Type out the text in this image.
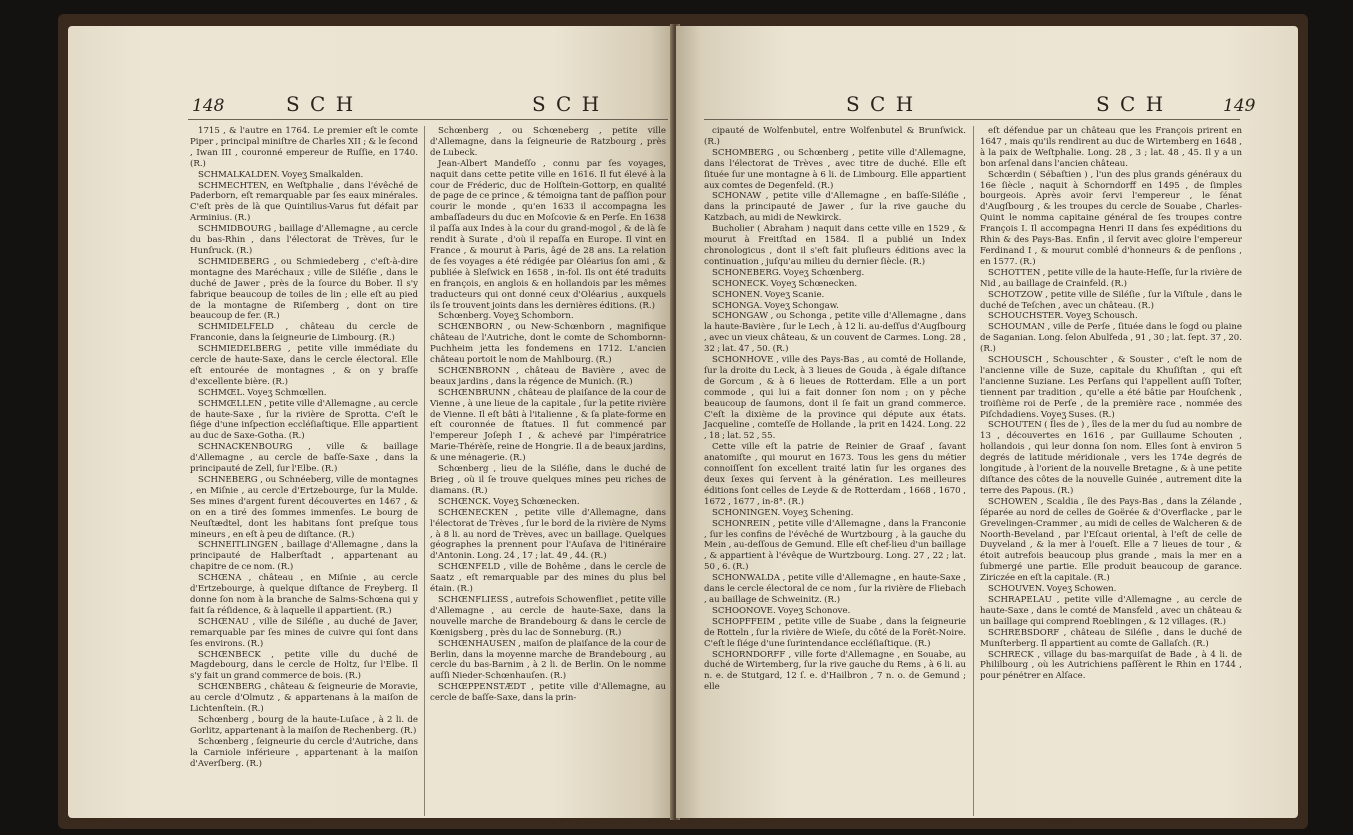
148	S C H	S C H

1715 , & l'autre en 1764. Le premier eſt le comte Piper , principal miniſtre de Charles XII ; & le ſecond , Iwan III , couronné empereur de Ruſſie, en 1740. (R.)

SCHMALKALDEN. Voyeʒ Smalkalden.

SCHMECHTEN, en Weſtphalie , dans l'évêché de Paderborn, eſt remarquable par ſes eaux minérales. C'eſt près de là que Quintilius-Varus fut défait par Arminius. (R.)

SCHMIDBOURG , baillage d'Allemagne , au cercle du bas-Rhin , dans l'électorat de Trèves, ſur le Hunſruck. (R.)

SCHMIDEBERG , ou Schmiedeberg , c'eſt-à-dire montagne des Maréchaux ; ville de Siléſie , dans le duché de Jawer , près de la ſource du Bober. Il s'y fabrique beaucoup de toiles de lin ; elle eſt au pied de la montagne de Riſemberg , dont on tire beaucoup de fer. (R.)

SCHMIDELFELD , château du cercle de Franconie, dans la ſeigneurie de Limbourg. (R.)

SCHMIEDELBERG , petite ville immédiate du cercle de haute-Saxe, dans le cercle électoral. Elle eſt entourée de montagnes , & on y braſſe d'excellente bière. (R.)

SCHMŒL. Voyeʒ Schmœllen.

SCHMŒLLEN , petite ville d'Allemagne , au cercle de haute-Saxe , ſur la rivière de Sprotta. C'eſt le ſiége d'une inſpection eccléſiaſtique. Elle appartient au duc de Saxe-Gotha. (R.)

SCHNACKENBOURG , ville & baillage d'Allemagne , au cercle de baſſe-Saxe , dans la principauté de Zell, ſur l'Elbe. (R.)

SCHNEBERG , ou Schnéeberg, ville de montagnes , en Miſnie , au cercle d'Ertzebourge, ſur la Mulde. Ses mines d'argent furent découvertes en 1467 , & on en a tiré des ſommes immenſes. Le bourg de Neuſtædtel, dont les habitans ſont preſque tous mineurs , en eſt à peu de diſtance. (R.)

SCHNEITLINGEN , baillage d'Allemagne , dans la principauté de Halberſtadt , appartenant au chapitre de ce nom. (R.)

SCHŒNA , château , en Miſnie , au cercle d'Ertzebourge, à quelque diſtance de Freyberg. Il donne ſon nom à la branche de Salms-Schœna qui y fait ſa réſidence, & à laquelle il appartient. (R.)

SCHŒNAU , ville de Siléſie , au duché de Javer, remarquable par ſes mines de cuivre qui ſont dans ſes environs. (R.)

SCHŒNBECK , petite ville du duché de Magdebourg, dans le cercle de Holtz, ſur l'Elbe. Il s'y fait un grand commerce de bois. (R.)

SCHŒNBERG , château & ſeigneurie de Moravie, au cercle d'Olmutz , & appartenans à la maiſon de Lichtenſtein. (R.)

Schœnberg , bourg de la haute-Luſace , à 2 li. de Gorlitz, appartenant à la maiſon de Rechenberg. (R.)

Schœnberg , ſeigneurie du cercle d'Autriche, dans la Carniole inférieure , appartenant à la maiſon d'Averſberg. (R.)

Schœnberg , ou Schœneberg , petite ville d'Allemagne, dans la ſeigneurie de Ratzbourg , près de Lubeck.

Jean-Albert Mandeſſo , connu par ſes voyages, naquit dans cette petite ville en 1616. Il fut élevé à la cour de Fréderic, duc de Holſtein-Gottorp, en qualité de page de ce prince , & témoigna tant de paſſion pour courir le monde , qu'en 1633 il accompagna les ambaſſadeurs du duc en Moſcovie & en Perſe. En 1638 il paſſa aux Indes à la cour du grand-mogol , & de là ſe rendit à Surate , d'où il repaſſa en Europe. Il vint en France , & mourut à Paris, âgé de 28 ans. La relation de ſes voyages a été rédigée par Oléarius ſon ami , & publiée à Sleſwick en 1658 , in-fol. Ils ont été traduits en françois, en anglois & en hollandois par les mêmes traducteurs qui ont donné ceux d'Oléarius , auxquels ils ſe trouvent joints dans les dernières éditions. (R.)

Schœnberg. Voyeʒ Schomborn.

SCHŒNBORN , ou New-Schœnborn , magnifique château de l'Autriche, dont le comte de Schombornn-Puchheim jetta les fondemens en 1712. L'ancien château portoit le nom de Mahlbourg. (R.)

SCHŒNBRONN , château de Bavière , avec de beaux jardins , dans la régence de Munich. (R.)

SCHŒNBRUNN , château de plaiſance de la cour de Vienne , à une lieue de la capitale , ſur la petite rivière de Vienne. Il eſt bâti à l'italienne , & ſa plate-forme en eſt couronnée de ſtatues. Il fut commencé par l'empereur Joſeph I , & achevé par l'impératrice Marie-Thérèſe, reine de Hongrie. Il a de beaux jardins, & une ménagerie. (R.)

Schœnberg , lieu de la Siléſie, dans le duché de Brieg , où il ſe trouve quelques mines peu riches de diamans. (R.)

SCHŒNCK. Voyeʒ Schœnecken.

SCHŒNECKEN , petite ville d'Allemagne, dans l'électorat de Trèves , ſur le bord de la rivière de Nyms , à 8 li. au nord de Trèves, avec un baillage. Quelques géographes la prennent pour l'Auſava de l'itinéraire d'Antonin. Long. 24 , 17 ; lat. 49 , 44. (R.)

SCHŒNFELD , ville de Bohême , dans le cercle de Saatz , eſt remarquable par des mines du plus bel étain. (R.)

SCHŒNFLIESS , autrefois Schowenfliet , petite ville d'Allemagne , au cercle de haute-Saxe, dans la nouvelle marche de Brandebourg & dans le cercle de Kœnigsberg , près du lac de Sonneburg. (R.)

SCHŒNHAUSEN , maiſon de plaiſance de la cour de Berlin, dans la moyenne marche de Brandebourg , au cercle du bas-Barnim , à 2 li. de Berlin. On le nomme auſſi Nieder-Schœnhauſen. (R.)

SCHŒPPENSTÆDT , petite ville d'Allemagne, au cercle de baſſe-Saxe, dans la prin-

S C H	S C H	149

cipauté de Wolfenbutel, entre Wolfenbutel & Brunſwick. (R.)

SCHOMBERG , ou Schœnberg , petite ville d'Allemagne, dans l'électorat de Trèves , avec titre de duché. Elle eſt ſituée ſur une montagne à 6 li. de Limbourg. Elle appartient aux comtes de Degenfeld. (R.)

SCHONAW , petite ville d'Allemagne , en baſſe-Siléſie , dans la principauté de Jawer , ſur la rive gauche du Katzbach, au midi de Newkirck.

Bucholier ( Abraham ) naquit dans cette ville en 1529 , & mourut à Freitſtad en 1584. Il a publié un Index chronologicus , dont il s'eſt fait pluſieurs éditions avec la continuation , juſqu'au milieu du dernier ſiècle. (R.)

SCHONEBERG. Voyeʒ Schœnberg.

SCHONECK. Voyeʒ Schœnecken.

SCHONEN. Voyeʒ Scanie.

SCHONGA. Voyeʒ Schongaw.

SCHONGAW , ou Schonga , petite ville d'Allemagne , dans la haute-Bavière , ſur le Lech , à 12 li. au-deſſus d'Augſbourg , avec un vieux château, & un couvent de Carmes. Long. 28 , 32 ; lat. 47 , 50. (R.)

SCHONHOVE , ville des Pays-Bas , au comté de Hollande, ſur la droite du Leck, à 3 lieues de Gouda , à égale diſtance de Gorcum , & à 6 lieues de Rotterdam. Elle a un port commode , qui lui a fait donner ſon nom ; on y pêche beaucoup de ſaumons, dont il ſe fait un grand commerce. C'eſt la dixième de la province qui députe aux états. Jacqueline , comteſſe de Hollande , la prit en 1424. Long. 22 , 18 ; lat. 52 , 55.

Cette ville eſt la patrie de Reinier de Graaf , ſavant anatomiſte , qui mourut en 1673. Tous les gens du métier connoiſſent ſon excellent traité latin ſur les organes des deux ſexes qui ſervent à la génération. Les meilleures éditions ſont celles de Leyde & de Rotterdam , 1668 , 1670 , 1672 , 1677 , in-8°. (R.)

SCHONINGEN. Voyeʒ Schening.

SCHONREIN , petite ville d'Allemagne , dans la Franconie , ſur les confins de l'évêché de Wurtzbourg , à la gauche du Mein , au-deſſous de Gemund. Elle eſt chef-lieu d'un baillage , & appartient à l'évêque de Wurtzbourg. Long. 27 , 22 ; lat. 50 , 6. (R.)

SCHONWALDA , petite ville d'Allemagne , en haute-Saxe , dans le cercle électoral de ce nom , ſur la rivière de Fliebach , au baillage de Schweinitz. (R.)

SCHOONOVE. Voyeʒ Schonove.

SCHOPFFEIM , petite ville de Suabe , dans la ſeigneurie de Rotteln , ſur la rivière de Wieſe, du côté de la Forêt-Noire. C'eſt le ſiége d'une ſurintendance eccléſiaſtique. (R.)

SCHORNDORFF , ville forte d'Allemagne , en Souabe, au duché de Wirtemberg, ſur la rive gauche du Rems , à 6 li. au n. e. de Stutgard, 12 ſ. e. d'Hailbron , 7 n. o. de Gemund ; elle

eſt défendue par un château que les François prirent en 1647 , mais qu'ils rendirent au duc de Wirtemberg en 1648 , à la paix de Weſtphalie. Long. 28 , 3 ; lat. 48 , 45. Il y a un bon arſenal dans l'ancien château.

Schœrdin ( Sébaſtien ) , l'un des plus grands généraux du 16e ſiècle , naquit à Schorndorff en 1495 , de ſimples bourgeois. Après avoir ſervi l'empereur , le ſénat d'Augſbourg , & les troupes du cercle de Souabe , Charles-Quint le nomma capitaine général de ſes troupes contre François I. Il accompagna Henri II dans ſes expéditions du Rhin & des Pays-Bas. Enfin , il ſervit avec gloire l'empereur Ferdinand I , & mourut comblé d'honneurs & de penſions , en 1577. (R.)

SCHOTTEN , petite ville de la haute-Heſſe, ſur la rivière de Nid , au baillage de Crainfeld. (R.)

SCHOTZOW , petite ville de Siléſie , ſur la Viſtule , dans le duché de Teſchen , avec un château. (R.)

SCHOUCHSTER. Voyeʒ Schousch.

SCHOUMAN , ville de Perſe , ſituée dans le ſogd ou plaine de Saganian. Long. ſelon Abulfeda , 91 , 30 ; lat. ſept. 37 , 20. (R.)

SCHOUSCH , Schouschter , & Souster , c'eſt le nom de l'ancienne ville de Suze, capitale du Khuſiſtan , qui eſt l'ancienne Suziane. Les Perſans qui l'appellent auſſi Toſter, tiennent par tradition , qu'elle a été bâtie par Houſchenk , troiſième roi de Perſe , de la première race , nommée des Piſchdadiens. Voyeʒ Suses. (R.)

SCHOUTEN ( Îles de ) , îles de la mer du ſud au nombre de 13 , découvertes en 1616 , par Guillaume Schouten , hollandois , qui leur donna ſon nom. Elles ſont à environ 5 degrés de latitude méridionale , vers les 174e degrés de longitude , à l'orient de la nouvelle Bretagne , & à une petite diſtance des côtes de la nouvelle Guinée , autrement dite la terre des Papous. (R.)

SCHOWEN , Scaldia , île des Pays-Bas , dans la Zélande , ſéparée au nord de celles de Goërée & d'Overflacke , par le Grevelingen-Crammer , au midi de celles de Walcheren & de Noorth-Beveland , par l'Eſcaut oriental, à l'eſt de celle de Duyveland , & la mer à l'oueſt. Elle a 7 lieues de tour , & étoit autrefois beaucoup plus grande , mais la mer en a ſubmergé une partie. Elle produit beaucoup de garance. Ziriczée en eſt la capitale. (R.)

SCHOUVEN. Voyeʒ Schowen.

SCHRAPELAU , petite ville d'Allemagne , au cercle de haute-Saxe , dans le comté de Mansfeld , avec un château & un baillage qui comprend Roeblingen , & 12 villages. (R.)

SCHREBSDORF , château de Siléſie , dans le duché de Munſterberg. Il appartient au comte de Gallaſch. (R.)

SCHRECK , village du bas-marquiſat de Bade , à 4 li. de Phililbourg , où les Autrichiens paſſèrent le Rhin en 1744 , pour pénétrer en Alſace.
